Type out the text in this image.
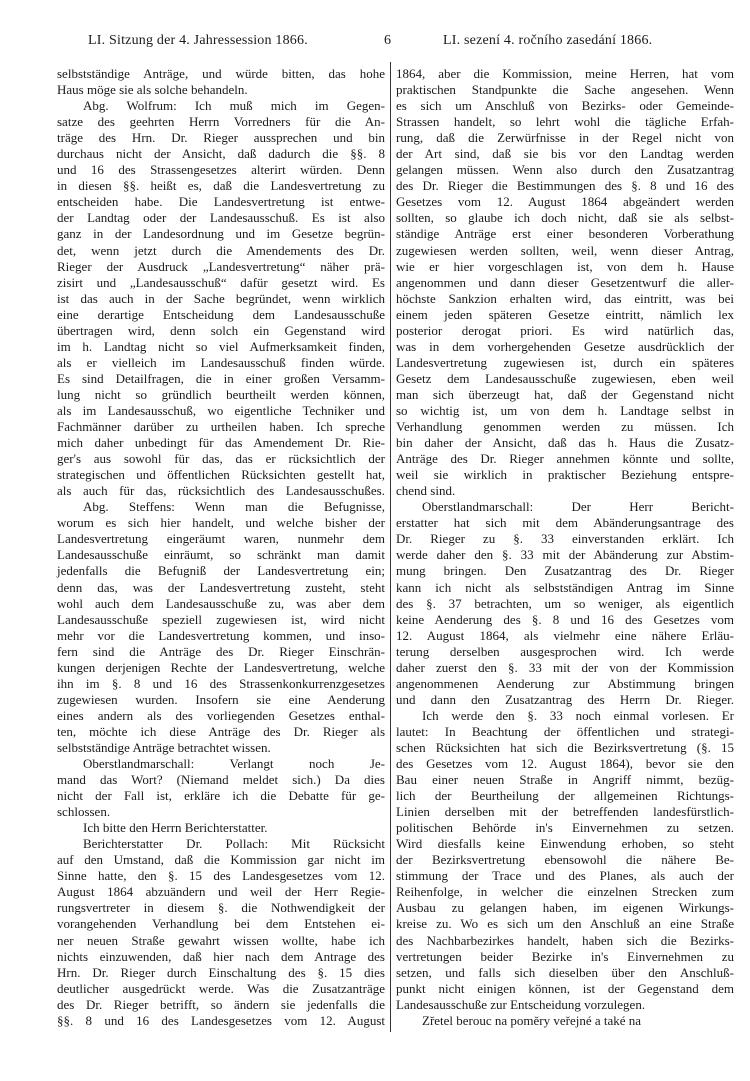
LI. Sitzung der 4. Jahressession 1866.	6	LI. sezení 4. ročního zasedání 1866.
selbstständige Anträge, und würde bitten, das hohe
Haus möge sie als solche behandeln.
Abg. Wolfrum: Ich muß mich im Gegen-
satze des geehrten Herrn Vorredners für die An-
träge des Hrn. Dr. Rieger aussprechen und bin
durchaus nicht der Ansicht, daß dadurch die §§. 8
und 16 des Strassengesetzes alterirt würden. Denn
in diesen §§. heißt es, daß die Landesvertretung zu
entscheiden habe. Die Landesvertretung ist entwe-
der Landtag oder der Landesausschuß. Es ist also
ganz in der Landesordnung und im Gesetze begrün-
det, wenn jetzt durch die Amendements des Dr.
Rieger der Ausdruck „Landesvertretung“ näher prä-
zisirt und „Landesausschuß“ dafür gesetzt wird. Es
ist das auch in der Sache begründet, wenn wirklich
eine derartige Entscheidung dem Landesausschuße
übertragen wird, denn solch ein Gegenstand wird
im h. Landtag nicht so viel Aufmerksamkeit finden,
als er vielleich im Landesausschuß finden würde.
Es sind Detailfragen, die in einer großen Versamm-
lung nicht so gründlich beurtheilt werden können,
als im Landesausschuß, wo eigentliche Techniker und
Fachmänner darüber zu urtheilen haben. Ich spreche
mich daher unbedingt für das Amendement Dr. Rie-
ger's aus sowohl für das, das er rücksichtlich der
strategischen und öffentlichen Rücksichten gestellt hat,
als auch für das, rücksichtlich des Landesausschußes.
Abg. Steffens: Wenn man die Befugnisse,
worum es sich hier handelt, und welche bisher der
Landesvertretung eingeräumt waren, nunmehr dem
Landesausschuße einräumt, so schränkt man damit
jedenfalls die Befugniß der Landesvertretung ein;
denn das, was der Landesvertretung zusteht, steht
wohl auch dem Landesausschuße zu, was aber dem
Landesausschuße speziell zugewiesen ist, wird nicht
mehr vor die Landesvertretung kommen, und inso-
fern sind die Anträge des Dr. Rieger Einschrän-
kungen derjenigen Rechte der Landesvertretung, welche
ihn im §. 8 und 16 des Strassenkonkurrenzgesetzes
zugewiesen wurden. Insofern sie eine Aenderung
eines andern als des vorliegenden Gesetzes enthal-
ten, möchte ich diese Anträge des Dr. Rieger als
selbstständige Anträge betrachtet wissen.
Oberstlandmarschall: Verlangt noch Je-
mand das Wort? (Niemand meldet sich.) Da dies
nicht der Fall ist, erkläre ich die Debatte für ge-
schlossen.
Ich bitte den Herrn Berichterstatter.
Berichterstatter Dr. Pollach: Mit Rücksicht
auf den Umstand, daß die Kommission gar nicht im
Sinne hatte, den §. 15 des Landesgesetzes vom 12.
August 1864 abzuändern und weil der Herr Regie-
rungsvertreter in diesem §. die Nothwendigkeit der
vorangehenden Verhandlung bei dem Entstehen ei-
ner neuen Straße gewahrt wissen wollte, habe ich
nichts einzuwenden, daß hier nach dem Antrage des
Hrn. Dr. Rieger durch Einschaltung des §. 15 dies
deutlicher ausgedrückt werde. Was die Zusatzanträge
des Dr. Rieger betrifft, so ändern sie jedenfalls die
§§. 8 und 16 des Landesgesetzes vom 12. August
1864, aber die Kommission, meine Herren, hat vom
praktischen Standpunkte die Sache angesehen. Wenn
es sich um Anschluß von Bezirks- oder Gemeinde-
Strassen handelt, so lehrt wohl die tägliche Erfah-
rung, daß die Zerwürfnisse in der Regel nicht von
der Art sind, daß sie bis vor den Landtag werden
gelangen müssen. Wenn also durch den Zusatzantrag
des Dr. Rieger die Bestimmungen des §. 8 und 16 des
Gesetzes vom 12. August 1864 abgeändert werden
sollten, so glaube ich doch nicht, daß sie als selbst-
ständige Anträge erst einer besonderen Vorberathung
zugewiesen werden sollten, weil, wenn dieser Antrag,
wie er hier vorgeschlagen ist, von dem h. Hause
angenommen und dann dieser Gesetzentwurf die aller-
höchste Sankzion erhalten wird, das eintritt, was bei
einem jeden späteren Gesetze eintritt, nämlich lex
posterior derogat priori. Es wird natürlich das,
was in dem vorhergehenden Gesetze ausdrücklich der
Landesvertretung zugewiesen ist, durch ein späteres
Gesetz dem Landesausschuße zugewiesen, eben weil
man sich überzeugt hat, daß der Gegenstand nicht
so wichtig ist, um von dem h. Landtage selbst in
Verhandlung genommen werden zu müssen. Ich
bin daher der Ansicht, daß das h. Haus die Zusatz-
Anträge des Dr. Rieger annehmen könnte und sollte,
weil sie wirklich in praktischer Beziehung entspre-
chend sind.
Oberstlandmarschall: Der Herr Bericht-
erstatter hat sich mit dem Abänderungsantrage des
Dr. Rieger zu §. 33 einverstanden erklärt. Ich
werde daher den §. 33 mit der Abänderung zur Abstim-
mung bringen. Den Zusatzantrag des Dr. Rieger
kann ich nicht als selbstständigen Antrag im Sinne
des §. 37 betrachten, um so weniger, als eigentlich
keine Aenderung des §. 8 und 16 des Gesetzes vom
12. August 1864, als vielmehr eine nähere Erläu-
terung derselben ausgesprochen wird. Ich werde
daher zuerst den §. 33 mit der von der Kommission
angenommenen Aenderung zur Abstimmung bringen
und dann den Zusatzantrag des Herrn Dr. Rieger.
Ich werde den §. 33 noch einmal vorlesen. Er
lautet: In Beachtung der öffentlichen und strategi-
schen Rücksichten hat sich die Bezirksvertretung (§. 15
des Gesetzes vom 12. August 1864), bevor sie den
Bau einer neuen Straße in Angriff nimmt, bezüg-
lich der Beurtheilung der allgemeinen Richtungs-
Linien derselben mit der betreffenden landesfürstlich-
politischen Behörde in's Einvernehmen zu setzen.
Wird diesfalls keine Einwendung erhoben, so steht
der Bezirksvertretung ebensowohl die nähere Be-
stimmung der Trace und des Planes, als auch der
Reihenfolge, in welcher die einzelnen Strecken zum
Ausbau zu gelangen haben, im eigenen Wirkungs-
kreise zu. Wo es sich um den Anschluß an eine Straße
des Nachbarbezirkes handelt, haben sich die Bezirks-
vertretungen beider Bezirke in's Einvernehmen zu
setzen, und falls sich dieselben über den Anschluß-
punkt nicht einigen können, ist der Gegenstand dem
Landesausschuße zur Entscheidung vorzulegen.
Zřetel berouc na poměry veřejné a také na
